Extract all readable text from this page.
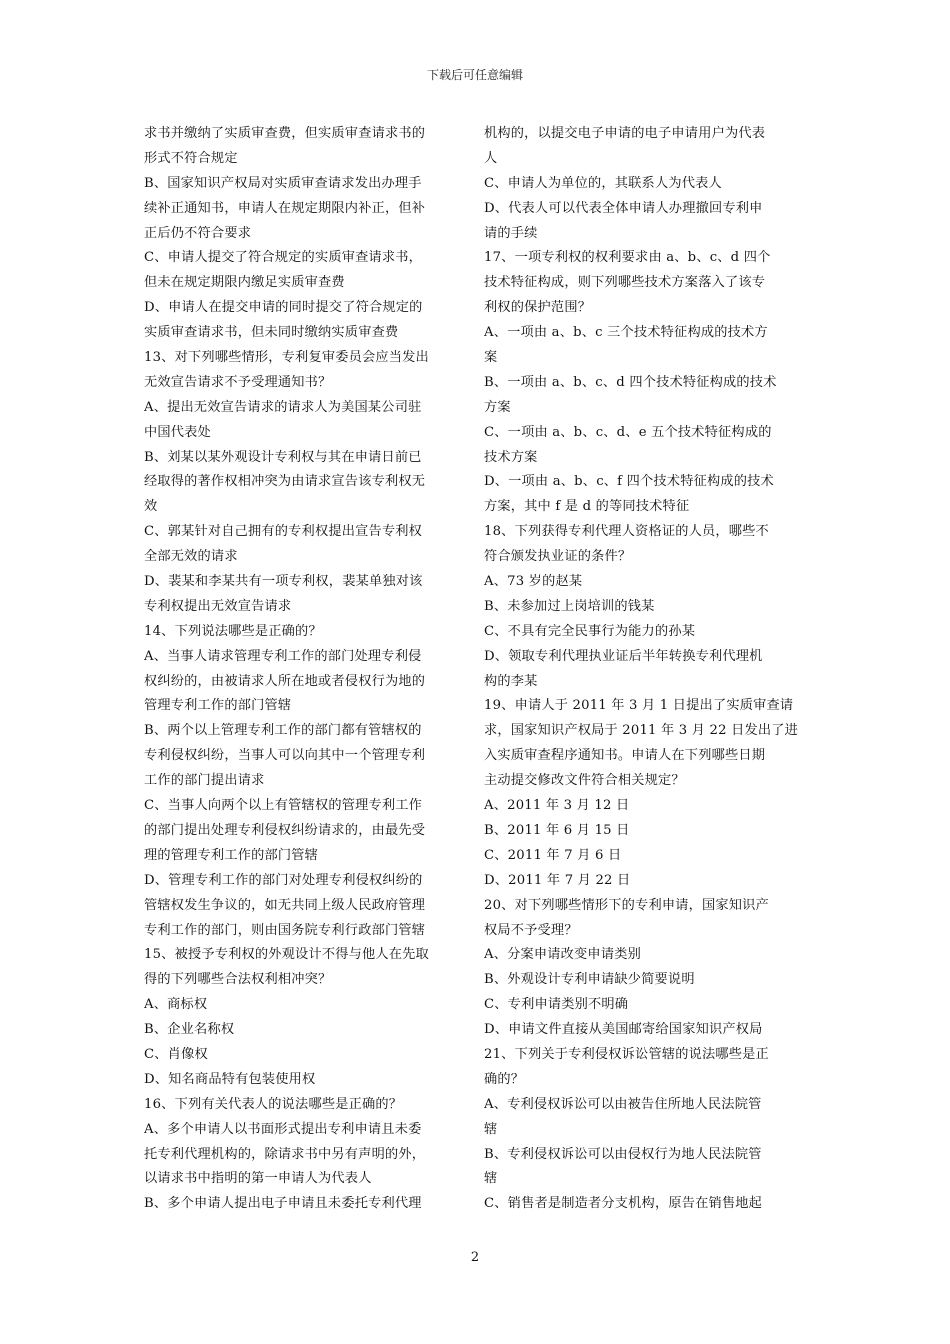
下载后可任意编辑
求书并缴纳了实质审查费，但实质审查请求书的
形式不符合规定
B、国家知识产权局对实质审查请求发出办理手
续补正通知书，申请人在规定期限内补正，但补
正后仍不符合要求
C、申请人提交了符合规定的实质审查请求书，
但未在规定期限内缴足实质审查费
D、申请人在提交申请的同时提交了符合规定的
实质审查请求书，但未同时缴纳实质审查费
13、对下列哪些情形，专利复审委员会应当发出
无效宣告请求不予受理通知书？
A、提出无效宣告请求的请求人为美国某公司驻
中国代表处
B、刘某以某外观设计专利权与其在申请日前已
经取得的著作权相冲突为由请求宣告该专利权无
效
C、郭某针对自己拥有的专利权提出宣告专利权
全部无效的请求
D、裴某和李某共有一项专利权，裴某单独对该
专利权提出无效宣告请求
14、下列说法哪些是正确的？
A、当事人请求管理专利工作的部门处理专利侵
权纠纷的，由被请求人所在地或者侵权行为地的
管理专利工作的部门管辖
B、两个以上管理专利工作的部门都有管辖权的
专利侵权纠纷，当事人可以向其中一个管理专利
工作的部门提出请求
C、当事人向两个以上有管辖权的管理专利工作
的部门提出处理专利侵权纠纷请求的，由最先受
理的管理专利工作的部门管辖
D、管理专利工作的部门对处理专利侵权纠纷的
管辖权发生争议的，如无共同上级人民政府管理
专利工作的部门，则由国务院专利行政部门管辖
15、被授予专利权的外观设计不得与他人在先取
得的下列哪些合法权利相冲突？
A、商标权
B、企业名称权
C、肖像权
D、知名商品特有包装使用权
16、下列有关代表人的说法哪些是正确的？
A、多个申请人以书面形式提出专利申请且未委
托专利代理机构的，除请求书中另有声明的外，
以请求书中指明的第一申请人为代表人
B、多个申请人提出电子申请且未委托专利代理
机构的，以提交电子申请的电子申请用户为代表
人
C、申请人为单位的，其联系人为代表人
D、代表人可以代表全体申请人办理撤回专利申
请的手续
17、一项专利权的权利要求由 a、b、c、d 四个
技术特征构成，则下列哪些技术方案落入了该专
利权的保护范围？
A、一项由 a、b、c 三个技术特征构成的技术方
案
B、一项由 a、b、c、d 四个技术特征构成的技术
方案
C、一项由 a、b、c、d、e 五个技术特征构成的
技术方案
D、一项由 a、b、c、f 四个技术特征构成的技术
方案，其中 f 是 d 的等同技术特征
18、下列获得专利代理人资格证的人员，哪些不
符合颁发执业证的条件？
A、73 岁的赵某
B、未参加过上岗培训的钱某
C、不具有完全民事行为能力的孙某
D、领取专利代理执业证后半年转换专利代理机
构的李某
19、申请人于 2011 年 3 月 1 日提出了实质审查请
求，国家知识产权局于 2011 年 3 月 22 日发出了进
入实质审查程序通知书。申请人在下列哪些日期
主动提交修改文件符合相关规定？
A、2011 年 3 月 12 日
B、2011 年 6 月 15 日
C、2011 年 7 月 6 日
D、2011 年 7 月 22 日
20、对下列哪些情形下的专利申请，国家知识产
权局不予受理？
A、分案申请改变申请类别
B、外观设计专利申请缺少简要说明
C、专利申请类别不明确
D、申请文件直接从美国邮寄给国家知识产权局
21、下列关于专利侵权诉讼管辖的说法哪些是正
确的？
A、专利侵权诉讼可以由被告住所地人民法院管
辖
B、专利侵权诉讼可以由侵权行为地人民法院管
辖
C、销售者是制造者分支机构，原告在销售地起
2
